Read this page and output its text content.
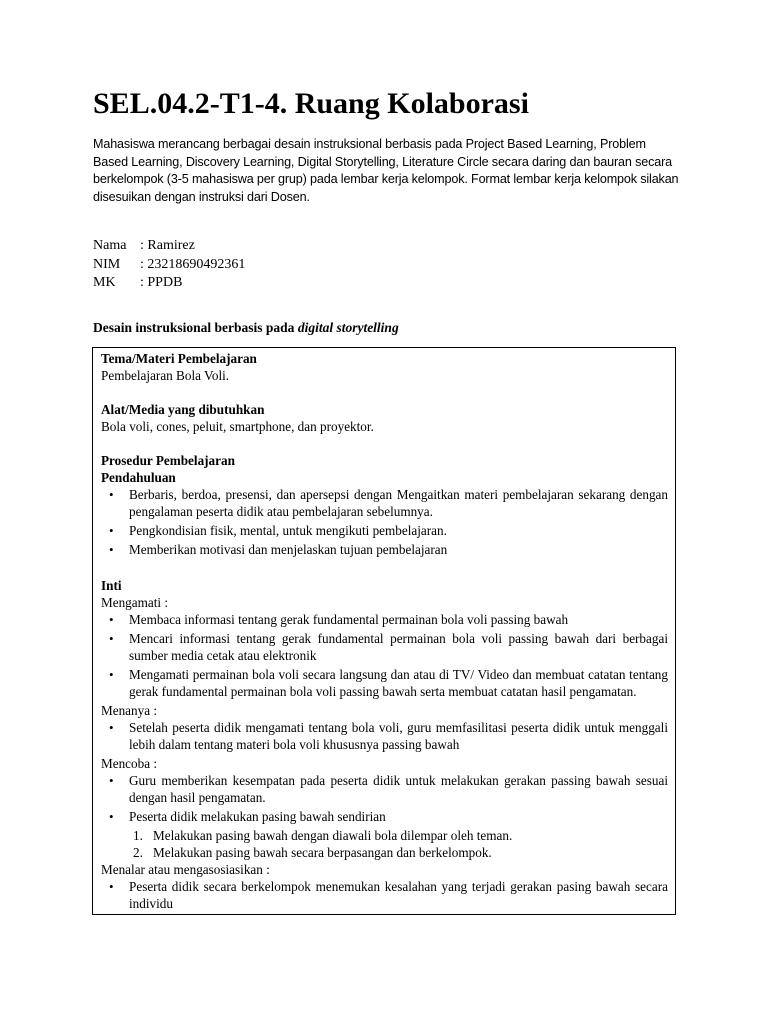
SEL.04.2-T1-4. Ruang Kolaborasi

Mahasiswa merancang berbagai desain instruksional berbasis pada Project Based Learning, Problem Based Learning, Discovery Learning, Digital Storytelling, Literature Circle secara daring dan bauran secara berkelompok (3-5 mahasiswa per grup) pada lembar kerja kelompok. Format lembar kerja kelompok silakan disesuikan dengan instruksi dari Dosen.

Nama : Ramirez
NIM	: 23218690492361
MK	: PPDB
Desain instruksional berbasis pada digital storytelling

Tema/Materi Pembelajaran

Pembelajaran Bola Voli.

Alat/Media yang dibutuhkan

Bola voli, cones, peluit, smartphone, dan proyektor.

Prosedur Pembelajaran

Pendahuluan

• Berbaris, berdoa, presensi, dan apersepsi dengan Mengaitkan materi pembelajaran sekarang dengan pengalaman peserta didik atau pembelajaran sebelumnya.
• Pengkondisian fisik, mental, untuk mengikuti pembelajaran.
• Memberikan motivasi dan menjelaskan tujuan pembelajaran

Inti

Mengamati :

• Membaca informasi tentang gerak fundamental permainan bola voli passing bawah
• Mencari informasi tentang gerak fundamental permainan bola voli passing bawah dari berbagai sumber media cetak atau elektronik
• Mengamati permainan bola voli secara langsung dan atau di TV/ Video dan membuat catatan tentang gerak fundamental permainan bola voli passing bawah serta membuat catatan hasil pengamatan.

Menanya :

• Setelah peserta didik mengamati tentang bola voli, guru memfasilitasi peserta didik untuk menggali lebih dalam tentang materi bola voli khususnya passing bawah

Mencoba :

• Guru memberikan kesempatan pada peserta didik untuk melakukan gerakan passing bawah sesuai dengan hasil pengamatan.
• Peserta didik melakukan pasing bawah sendirian
1. Melakukan pasing bawah dengan diawali bola dilempar oleh teman.
2. Melakukan pasing bawah secara berpasangan dan berkelompok.

Menalar atau mengasosiasikan :

• Peserta didik secara berkelompok menemukan kesalahan yang terjadi gerakan pasing bawah secara individu
